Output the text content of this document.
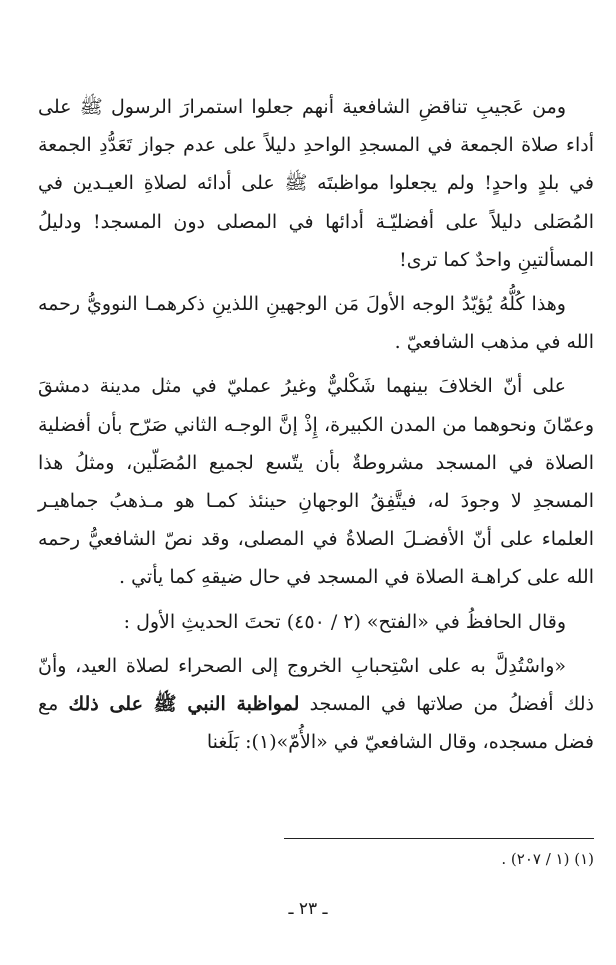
ومن عَجيبِ تناقضِ الشافعية أنهم جعلوا استمرارَ الرسول ﷺ على أداء صلاة الجمعة في المسجدِ الواحدِ دليلاً على عدم جواز تَعَدُّدِ الجمعة في بلدٍ واحدٍ! ولم يجعلوا مواظبتَه ﷺ على أدائه لصلاةِ العيـدين في المُصَلى دليلاً على أفضليّـة أدائها في المصلى دون المسجد! ودليلُ المسألتينِ واحدٌ كما ترى!

وهذا كُلُّهُ يُؤيّدُ الوجه الأولَ مَن الوجهينِ اللذينِ ذكرهمـا النوويُّ رحمه الله في مذهب الشافعيّ .

على أنّ الخلافَ بينهما شَكْليٌّ وغيرُ عمليّ في مثل مدينة دمشقَ وعمّانَ ونحوهما من المدن الكبيرة، إِذْ إنَّ الوجـه الثاني صَرّح بأن أفضلية الصلاة في المسجد مشروطةٌ بأن يتّسع لجميع المُصَلّين، ومثلُ هذا المسجدِ لا وجودَ له، فيتَّفِقُ الوجهانِ حينئذ كمـا هو مـذهبُ جماهيـر العلماء على أنّ الأفضـلَ الصلاةُ في المصلى، وقد نصّ الشافعيُّ رحمه الله على كراهـة الصلاة في المسجد في حال ضيقهِ كما يأتي .

وقال الحافظُ في «الفتح» (٢ / ٤٥٠) تحتَ الحديثِ الأول :

«واسْتُدِلَّ به على اسْتِحبابِ الخروج إلى الصحراء لصلاة العيد، وأنّ ذلك أفضلُ من صلاتها في المسجد لمواظبة النبي ﷺ على ذلك مع فضل مسجده، وقال الشافعيّ في «الأُمّ»(١): بَلَغنا

(١) (١ / ٢٠٧) .
ـ ٢٣ ـ
